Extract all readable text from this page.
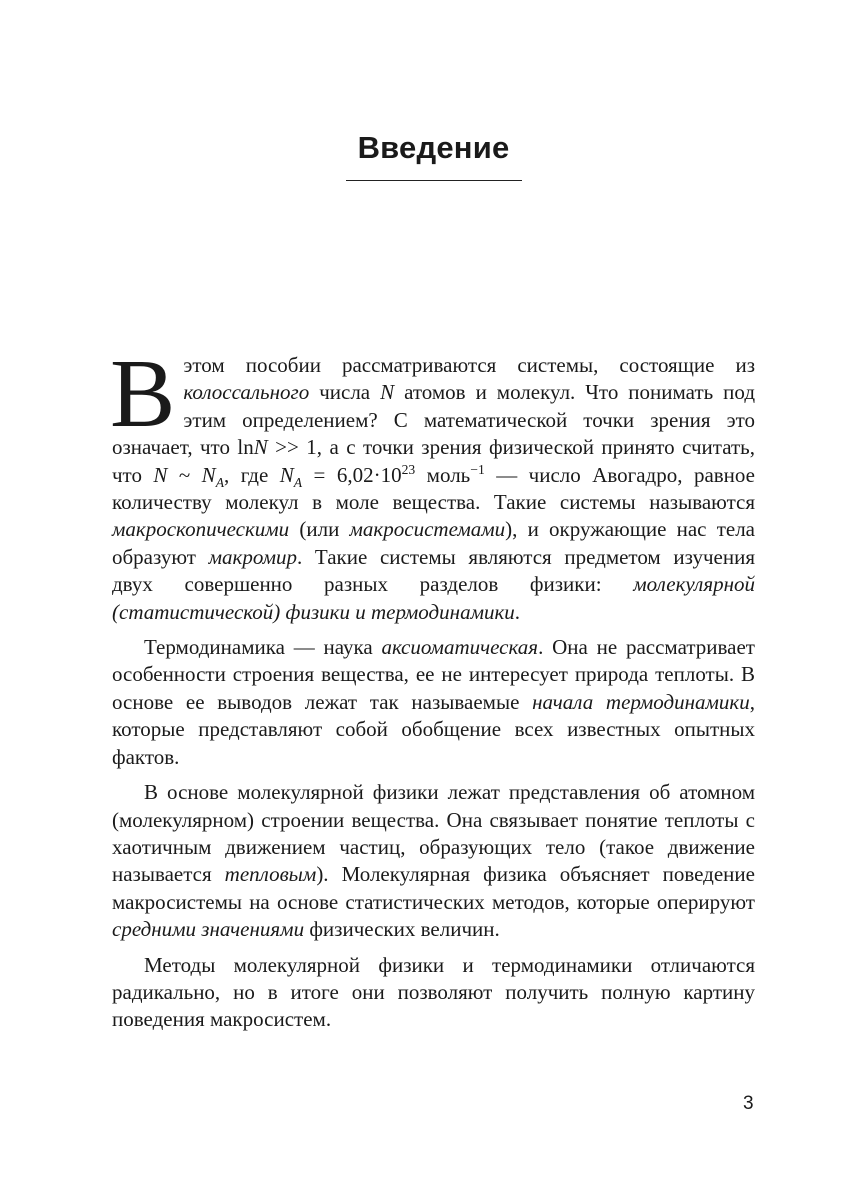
Введение

В этом пособии рассматриваются системы, состоящие из колоссального числа N атомов и молекул. Что понимать под этим определением? С математической точки зрения это означает, что lnN >> 1, а с точки зрения физической принято считать, что N ~ $N_A$, где $N_A = 6,02\cdot 10^{23}$ моль$^{-1}$ — число Авогадро, равное количеству молекул в моле вещества. Такие системы называются макроскопическими (или макросистемами), и окружающие нас тела образуют макромир. Такие системы являются предметом изучения двух совершенно разных разделов физики: молекулярной (статистической) физики и термодинамики.

Термодинамика — наука аксиоматическая. Она не рассматривает особенности строения вещества, ее не интересует природа теплоты. В основе ее выводов лежат так называемые начала термодинамики, которые представляют собой обобщение всех известных опытных фактов.

В основе молекулярной физики лежат представления об атомном (молекулярном) строении вещества. Она связывает понятие теплоты с хаотичным движением частиц, образующих тело (такое движение называется тепловым). Молекулярная физика объясняет поведение макросистемы на основе статистических методов, которые оперируют средними значениями физических величин.

Методы молекулярной физики и термодинамики отличаются радикально, но в итоге они позволяют получить полную картину поведения макросистем.

3
